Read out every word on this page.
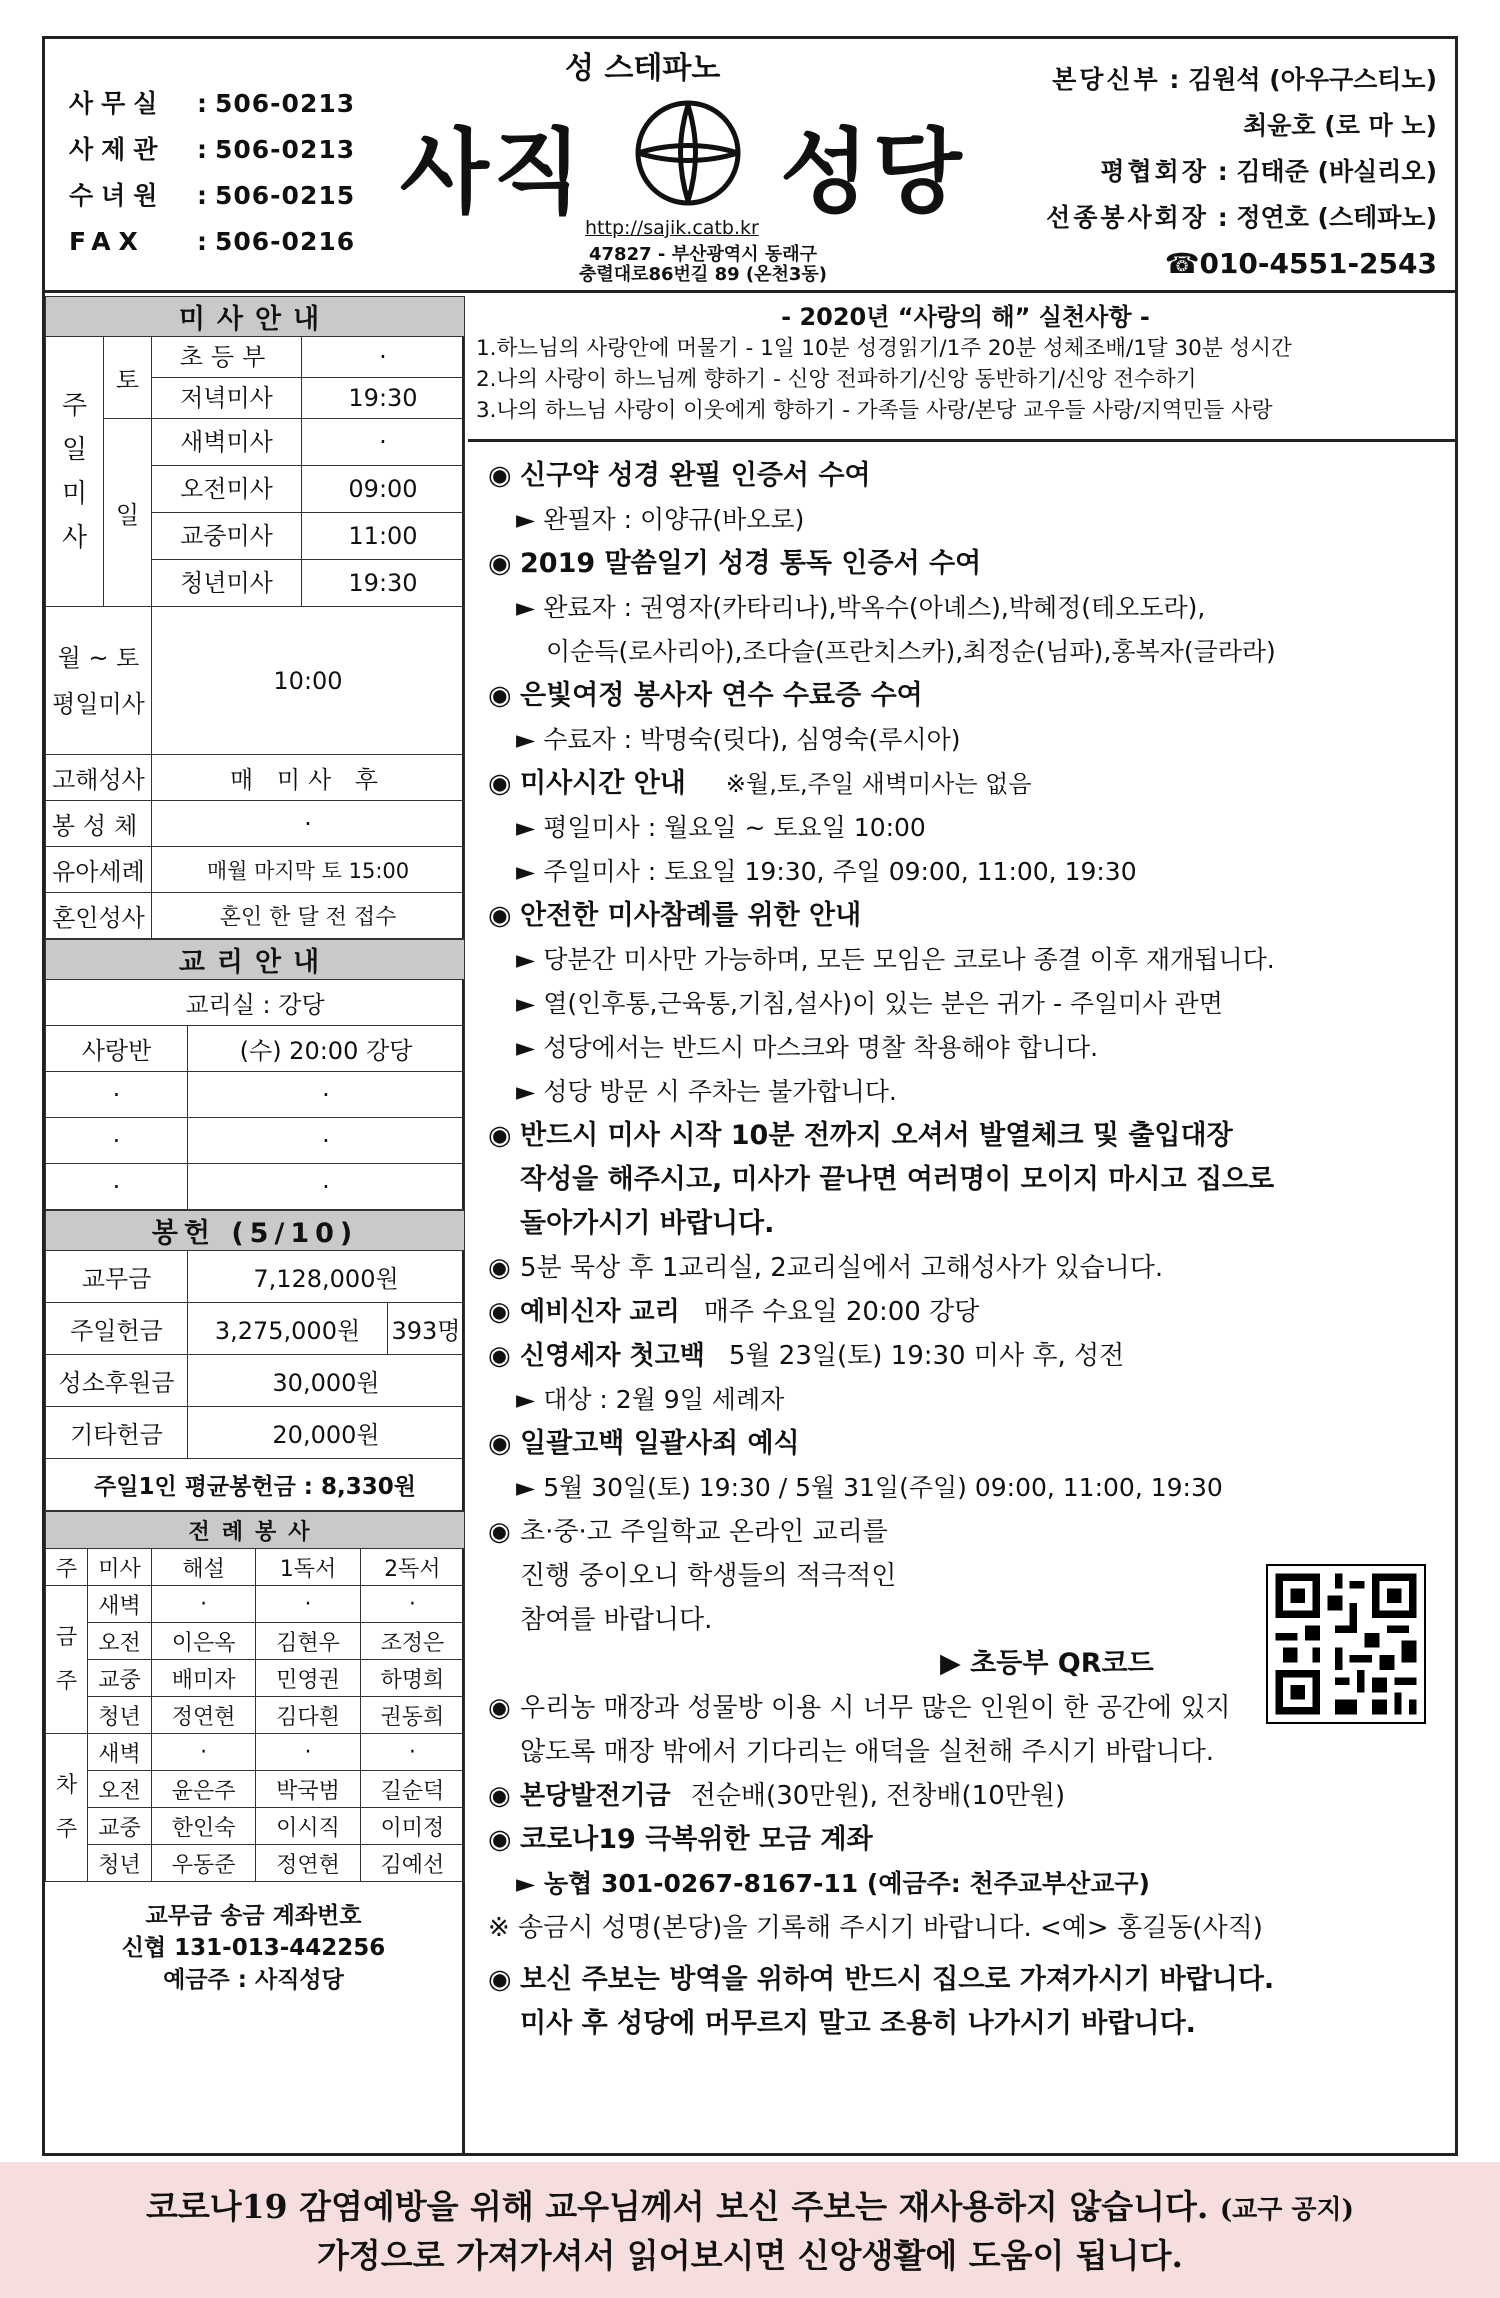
사무실	: 506-0213
사제관	: 506-0213
수녀원	: 506-0215
FAX	: 506-0216
성 스테파노
사직 성당
http://sajik.catb.kr
47827 - 부산광역시 동래구
충렬대로86번길 89 (온천3동)
본당신부 : 김원석 (아우구스티노)
최윤호 (로 마 노)
평협회장 : 김태준 (바실리오)
선종봉사회장 : 정연호 (스테파노)
☎010-4551-2543
미사안내		
주
일
미
사	토	초등부 ·

		저녁미사 19:30

	일	새벽미사 ·

		오전미사 09:00

		교중미사 11:00

		청년미사 19:30

월 ~ 토
평일미사		10:00
고해성사		매 미사 후
봉성체		·
유아세례		매월 마지막 토 15:00
혼인성사		혼인 한 달 전 접수
교리안내	
교리실 : 강당	
사랑반	(수) 20:00 강당
·	·
·	·
·	·
봉헌 (5/10)		
교무금	7,128,000원	
주일헌금	3,275,000원	393명
성소후원금	30,000원	
기타헌금	20,000원	
주일1인 평균봉헌금 : 8,330원		
전례봉사				
주	미사	해설	1독서	2독서
금
주	새벽	·	·	·
	오전	이은옥	김현우	조정은
	교중	배미자	민영권	하명희
	청년	정연현	김다흰	권동희
차
주	새벽	·	·	·
	오전	윤은주	박국범	길순덕
	교중	한인숙	이시직	이미정
	청년	우동준	정연현	김예선
교무금 송금 계좌번호
신협 131-013-442256
예금주 : 사직성당
- 2020년 “사랑의 해” 실천사항 -
1.하느님의 사랑안에 머물기 - 1일 10분 성경읽기/1주 20분 성체조배/1달 30분 성시간
2.나의 사랑이 하느님께 향하기 - 신앙 전파하기/신앙 동반하기/신앙 전수하기
3.나의 하느님 사랑이 이웃에게 향하기 - 가족들 사랑/본당 교우들 사랑/지역민들 사랑
◉ 신구약 성경 완필 인증서 수여
► 완필자 : 이양규(바오로)
◉ 2019 말씀일기 성경 통독 인증서 수여
► 완료자 : 권영자(카타리나),박옥수(아녜스),박혜정(테오도라),
이순득(로사리아),조다슬(프란치스카),최정순(님파),홍복자(글라라)
◉ 은빛여정 봉사자 연수 수료증 수여
► 수료자 : 박명숙(릿다), 심영숙(루시아)
◉ 미사시간 안내 ※월,토,주일 새벽미사는 없음
► 평일미사 : 월요일 ~ 토요일 10:00
► 주일미사 : 토요일 19:30, 주일 09:00, 11:00, 19:30
◉ 안전한 미사참례를 위한 안내
► 당분간 미사만 가능하며, 모든 모임은 코로나 종결 이후 재개됩니다.
► 열(인후통,근육통,기침,설사)이 있는 분은 귀가 - 주일미사 관면
► 성당에서는 반드시 마스크와 명찰 착용해야 합니다.
► 성당 방문 시 주차는 불가합니다.
◉ 반드시 미사 시작 10분 전까지 오셔서 발열체크 및 출입대장
작성을 해주시고, 미사가 끝나면 여러명이 모이지 마시고 집으로
돌아가시기 바랍니다.
◉ 5분 묵상 후 1교리실, 2교리실에서 고해성사가 있습니다.
◉ 예비신자 교리 매주 수요일 20:00 강당
◉ 신영세자 첫고백 5월 23일(토) 19:30 미사 후, 성전
► 대상 : 2월 9일 세례자
◉ 일괄고백 일괄사죄 예식
► 5월 30일(토) 19:30 / 5월 31일(주일) 09:00, 11:00, 19:30
◉ 초·중·고 주일학교 온라인 교리를
진행 중이오니 학생들의 적극적인
참여를 바랍니다.
▶ 초등부 QR코드
◉ 우리농 매장과 성물방 이용 시 너무 많은 인원이 한 공간에 있지
않도록 매장 밖에서 기다리는 애덕을 실천해 주시기 바랍니다.
◉ 본당발전기금 전순배(30만원), 전창배(10만원)
◉ 코로나19 극복위한 모금 계좌
► 농협 301-0267-8167-11 (예금주: 천주교부산교구)
※ 송금시 성명(본당)을 기록해 주시기 바랍니다. <예> 홍길동(사직)
◉ 보신 주보는 방역을 위하여 반드시 집으로 가져가시기 바랍니다.
미사 후 성당에 머무르지 말고 조용히 나가시기 바랍니다.
코로나19 감염예방을 위해 교우님께서 보신 주보는 재사용하지 않습니다. (교구 공지)
가정으로 가져가셔서 읽어보시면 신앙생활에 도움이 됩니다.
